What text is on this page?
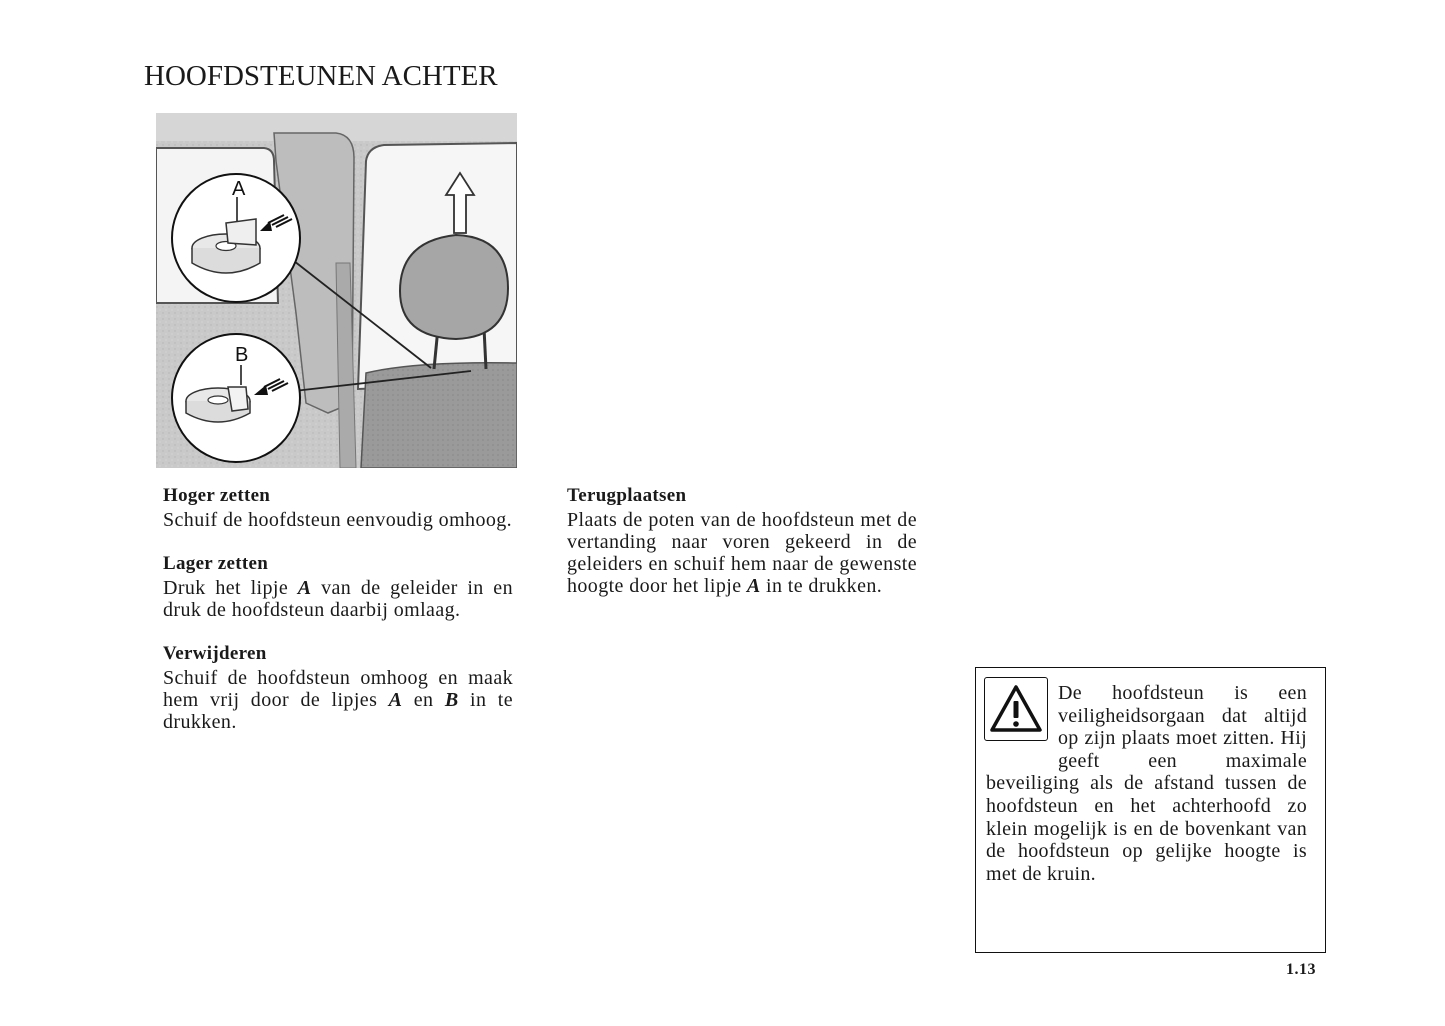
HOOFDSTEUNEN ACHTER
A
B
Hoger zetten

Schuif de hoofdsteun eenvoudig omhoog.

Lager zetten

Druk het lipje A van de geleider in en druk de hoofdsteun daarbij omlaag.

Verwijderen

Schuif de hoofdsteun omhoog en maak hem vrij door de lipjes A en B in te drukken.

Terugplaatsen

Plaats de poten van de hoofdsteun met de vertanding naar voren gekeerd in de geleiders en schuif hem naar de gewenste hoogte door het lipje A in te drukken.

De hoofdsteun is een veiligheidsorgaan dat altijd op zijn plaats moet zitten. Hij geeft een maximale beveiliging als de afstand tussen de hoofdsteun en het achterhoofd zo klein mogelijk is en de bovenkant van de hoofdsteun op gelijke hoogte is met de kruin.

1.13
